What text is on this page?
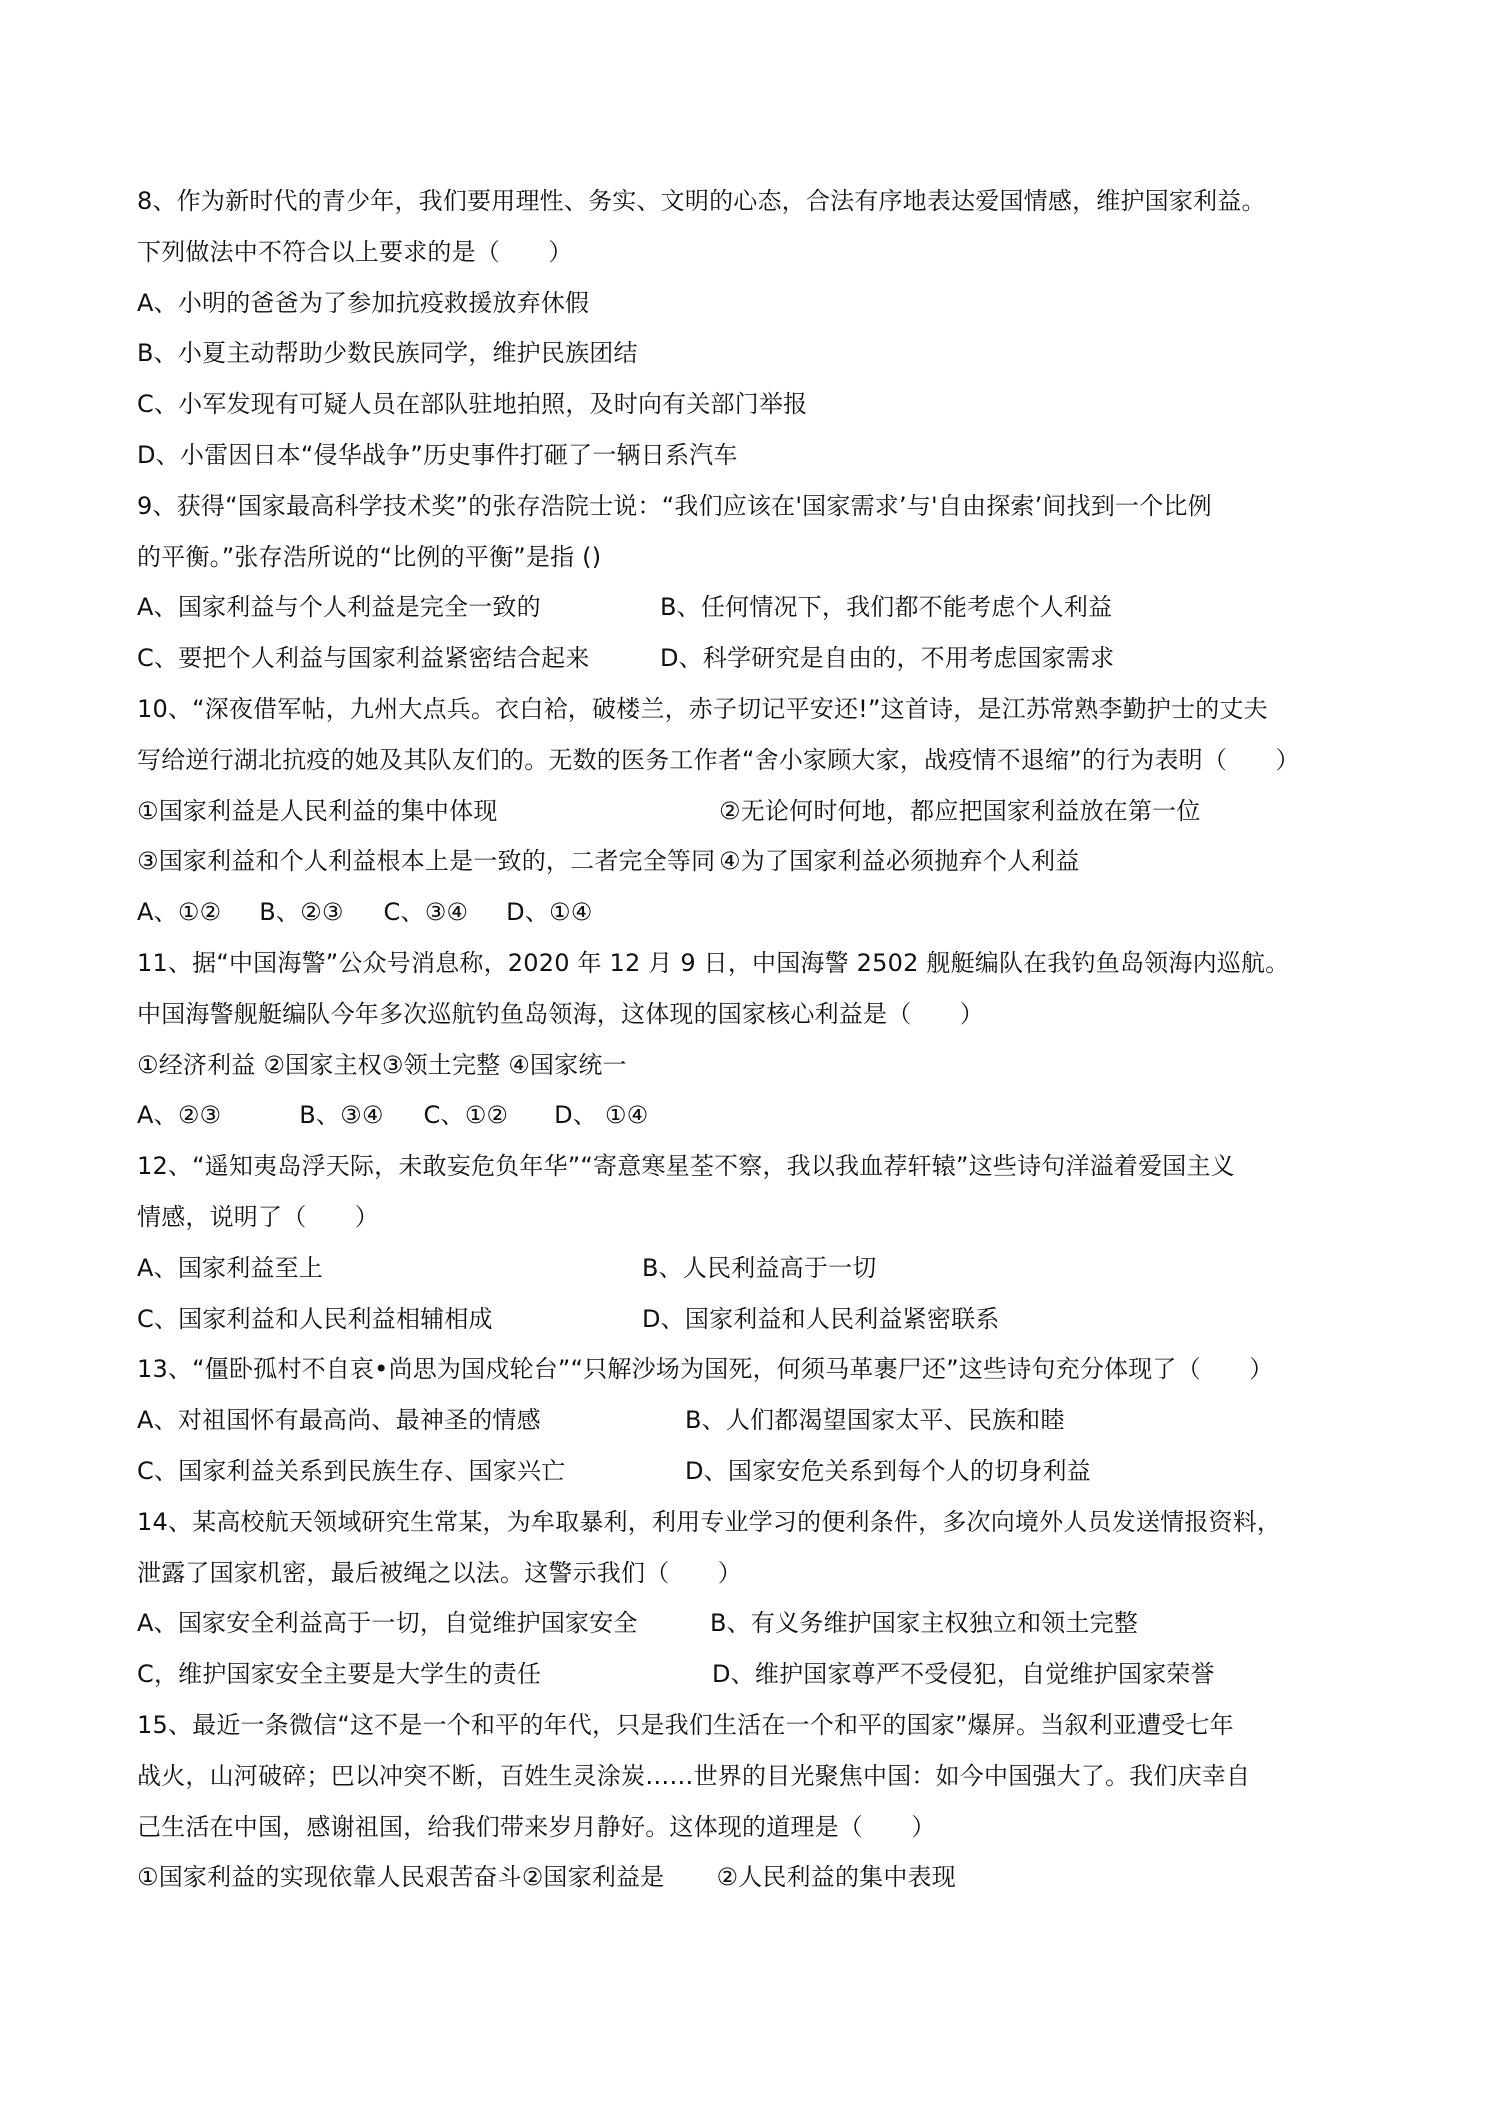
8、作为新时代的青少年，我们要用理性、务实、文明的心态，合法有序地表达爱国情感，维护国家利益。
下列做法中不符合以上要求的是（　　）
A、小明的爸爸为了参加抗疫救援放弃休假
B、小夏主动帮助少数民族同学，维护民族团结
C、小军发现有可疑人员在部队驻地拍照，及时向有关部门举报
D、小雷因日本“侵华战争”历史事件打砸了一辆日系汽车
9、获得“国家最高科学技术奖”的张存浩院士说：“我们应该在'国家需求’与'自由探索’间找到一个比例
的平衡。”张存浩所说的“比例的平衡”是指 ()
A、国家利益与个人利益是完全一致的	B、任何情况下，我们都不能考虑个人利益
C、要把个人利益与国家利益紧密结合起来	D、科学研究是自由的，不用考虑国家需求
10、“深夜借军帖，九州大点兵。衣白袷，破楼兰，赤子切记平安还!”这首诗，是江苏常熟李勤护士的丈夫
写给逆行湖北抗疫的她及其队友们的。无数的医务工作者“舍小家顾大家，战疫情不退缩”的行为表明（　　）
①国家利益是人民利益的集中体现	②无论何时何地，都应把国家利益放在第一位
③国家利益和个人利益根本上是一致的，二者完全等同 ④为了国家利益必须抛弃个人利益
A、①② B、②③ C、③④ D、①④
11、据“中国海警”公众号消息称，2020 年 12 月 9 日，中国海警 2502 舰艇编队在我钓鱼岛领海内巡航。
中国海警舰艇编队今年多次巡航钓鱼岛领海，这体现的国家核心利益是（　　）
①经济利益 ②国家主权③领土完整 ④国家统一
A、②③	B、③④ C、①② D、 ①④
12、“遥知夷岛浮天际，未敢妄危负年华”“寄意寒星荃不察，我以我血荐轩辕”这些诗句洋溢着爱国主义
情感，说明了（　　）
A、国家利益至上	B、人民利益高于一切
C、国家利益和人民利益相辅相成	D、国家利益和人民利益紧密联系
13、“僵卧孤村不自哀•尚思为国戍轮台”“只解沙场为国死，何须马革裹尸还”这些诗句充分体现了（　　）
A、对祖国怀有最高尚、最神圣的情感	B、人们都渴望国家太平、民族和睦
C、国家利益关系到民族生存、国家兴亡	D、国家安危关系到每个人的切身利益
14、某高校航天领域研究生常某，为牟取暴利，利用专业学习的便利条件，多次向境外人员发送情报资料，
泄露了国家机密，最后被绳之以法。这警示我们（　　）
A、国家安全利益高于一切，自觉维护国家安全	B、有义务维护国家主权独立和领土完整
C，维护国家安全主要是大学生的责任	D、维护国家尊严不受侵犯，自觉维护国家荣誉
15、最近一条微信“这不是一个和平的年代，只是我们生活在一个和平的国家”爆屏。当叙利亚遭受七年
战火，山河破碎；巴以冲突不断，百姓生灵涂炭……世界的目光聚焦中国：如今中国强大了。我们庆幸自
己生活在中国，感谢祖国，给我们带来岁月静好。这体现的道理是（　　）
①国家利益的实现依靠人民艰苦奋斗②国家利益是 ②人民利益的集中表现
